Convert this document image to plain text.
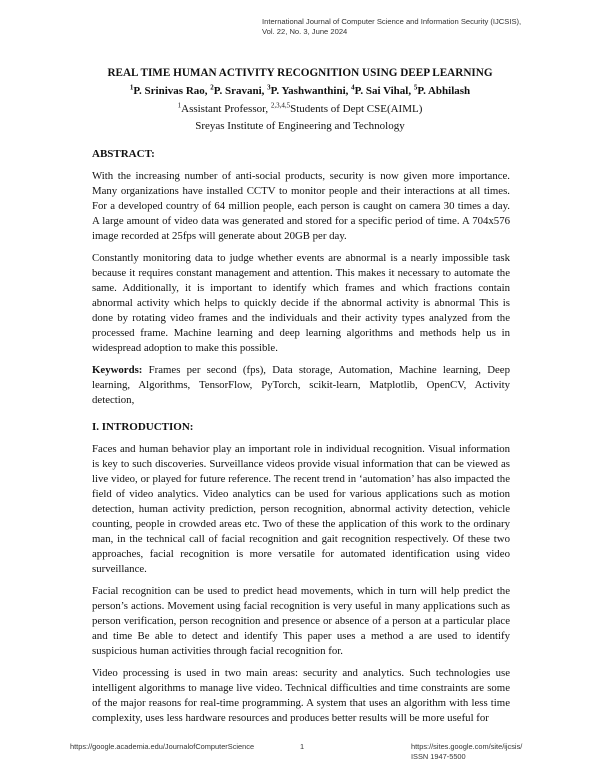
International Journal of Computer Science and Information Security (IJCSIS),
Vol. 22, No. 3, June 2024
REAL TIME HUMAN ACTIVITY RECOGNITION USING DEEP LEARNING
$^1$P. Srinivas Rao, $^2$P. Sravani, $^3$P. Yashwanthini, $^4$P. Sai Vihal, $^5$P. Abhilash
$^1$Assistant Professor, $^{2,3,4,5}$Students of Dept CSE(AIML)
Sreyas Institute of Engineering and Technology
ABSTRACT:

With the increasing number of anti-social products, security is now given more importance. Many organizations have installed CCTV to monitor people and their interactions at all times. For a developed country of 64 million people, each person is caught on camera 30 times a day. A large amount of video data was generated and stored for a specific period of time. A 704x576 image recorded at 25fps will generate about 20GB per day.

Constantly monitoring data to judge whether events are abnormal is a nearly impossible task because it requires constant management and attention. This makes it necessary to automate the same. Additionally, it is important to identify which frames and which fractions contain abnormal activity which helps to quickly decide if the abnormal activity is abnormal This is done by rotating video frames and the individuals and their activity types analyzed from the processed frame. Machine learning and deep learning algorithms and methods help us in widespread adoption to make this possible.

Keywords: Frames per second (fps), Data storage, Automation, Machine learning, Deep learning, Algorithms, TensorFlow, PyTorch, scikit-learn, Matplotlib, OpenCV, Activity detection,

I. INTRODUCTION:

Faces and human behavior play an important role in individual recognition. Visual information is key to such discoveries. Surveillance videos provide visual information that can be viewed as live video, or played for future reference. The recent trend in ‘automation’ has also impacted the field of video analytics. Video analytics can be used for various applications such as motion detection, human activity prediction, person recognition, abnormal activity detection, vehicle counting, people in crowded areas etc. Two of these the application of this work to the ordinary man, in the technical call of facial recognition and gait recognition respectively. Of these two approaches, facial recognition is more versatile for automated identification using video surveillance.

Facial recognition can be used to predict head movements, which in turn will help predict the person’s actions. Movement using facial recognition is very useful in many applications such as person verification, person recognition and presence or absence of a person at a particular place and time Be able to detect and identify This paper uses a method a are used to identify suspicious human activities through facial recognition for.

Video processing is used in two main areas: security and analytics. Such technologies use intelligent algorithms to manage live video. Technical difficulties and time constraints are some of the major reasons for real-time programming. A system that uses an algorithm with less time complexity, uses less hardware resources and produces better results will be more useful for

https://google.academia.edu/JournalofComputerScience	1	https://sites.google.com/site/ijcsis/
ISSN 1947-5500
